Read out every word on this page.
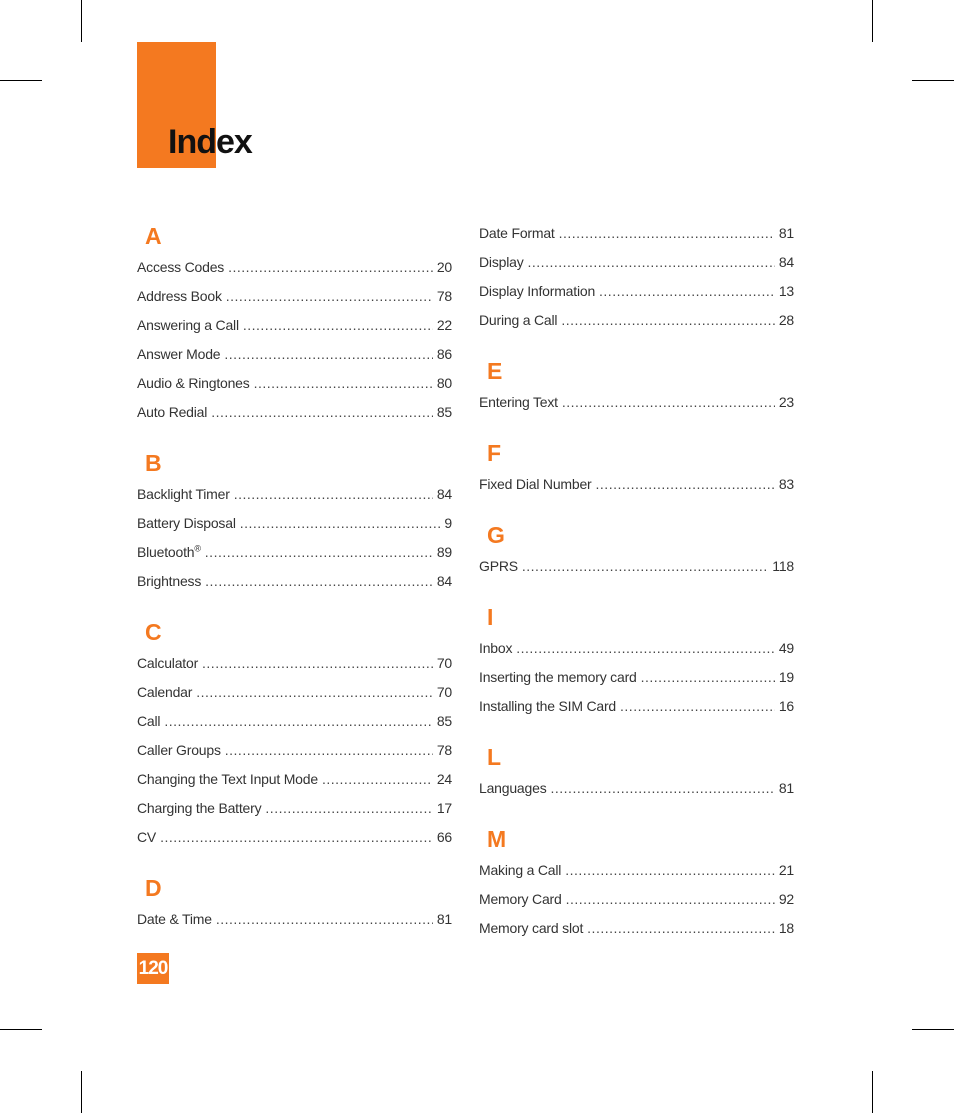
Index
A
Access Codes .....	20
Address Book .....	78
Answering a Call .....	22
Answer Mode .....	86
Audio & Ringtones .....	80
Auto Redial .....	85
B
Backlight Timer .....	84
Battery Disposal .....	9
Bluetooth® .....	89
Brightness .....	84
C
Calculator .....	70
Calendar .....	70
Call .....	85
Caller Groups .....	78
Changing the Text Input Mode .....	24
Charging the Battery .....	17
CV .....	66
D
Date & Time .....	81
Date Format .....	81
Display .....	84
Display Information .....	13
During a Call .....	28
E
Entering Text .....	23
F
Fixed Dial Number .....	83
G
GPRS .....	118
I
Inbox .....	49
Inserting the memory card .....	19
Installing the SIM Card .....	16
L
Languages .....	81
M
Making a Call .....	21
Memory Card .....	92
Memory card slot .....	18
120
